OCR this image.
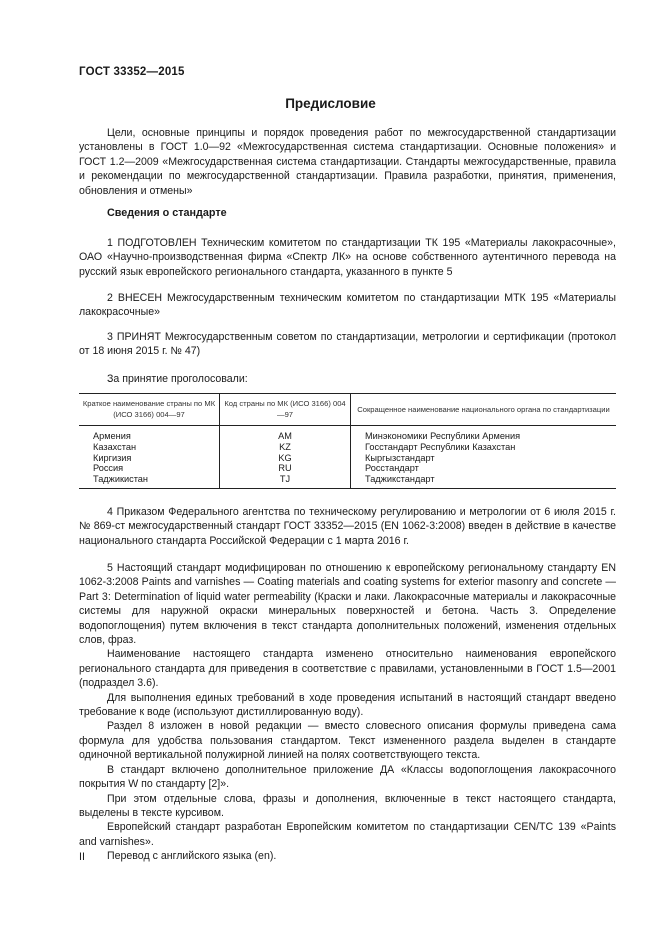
ГОСТ 33352—2015
Предисловие

Цели, основные принципы и порядок проведения работ по межгосударственной стандартизации установлены в ГОСТ 1.0—92 «Межгосударственная система стандартизации. Основные положения» и ГОСТ 1.2—2009 «Межгосударственная система стандартизации. Стандарты межгосударственные, правила и рекомендации по межгосударственной стандартизации. Правила разработки, принятия, применения, обновления и отмены»

Сведения о стандарте

1 ПОДГОТОВЛЕН Техническим комитетом по стандартизации ТК 195 «Материалы лакокрасочные», ОАО «Научно-производственная фирма «Спектр ЛК» на основе собственного аутентичного перевода на русский язык европейского регионального стандарта, указанного в пункте 5

2 ВНЕСЕН Межгосударственным техническим комитетом по стандартизации МТК 195 «Материалы лакокрасочные»

3 ПРИНЯТ Межгосударственным советом по стандартизации, метрологии и сертификации (протокол от 18 июня 2015 г. № 47)

За принятие проголосовали:
Краткое наименование страны по МК (ИСО 3166) 004—97	Код страны по МК (ИСО 3166) 004—97	Сокращенное наименование национального органа по стандартизации
Армения	AM	Минэкономики Республики Армения
Казахстан	KZ	Госстандарт Республики Казахстан
Киргизия	KG	Кыргызстандарт
Россия	RU	Росстандарт
Таджикистан	TJ	Таджикстандарт

4 Приказом Федерального агентства по техническому регулированию и метрологии от 6 июля 2015 г. № 869-ст межгосударственный стандарт ГОСТ 33352—2015 (EN 1062-3:2008) введен в действие в качестве национального стандарта Российской Федерации с 1 марта 2016 г.

5 Настоящий стандарт модифицирован по отношению к европейскому региональному стандарту EN 1062-3:2008 Paints and varnishes — Coating materials and coating systems for exterior masonry and concrete — Part 3: Determination of liquid water permeability (Краски и лаки. Лакокрасочные материалы и лакокрасочные системы для наружной окраски минеральных поверхностей и бетона. Часть 3. Определение водопоглощения) путем включения в текст стандарта дополнительных положений, изменения отдельных слов, фраз.

Наименование настоящего стандарта изменено относительно наименования европейского регионального стандарта для приведения в соответствие с правилами, установленными в ГОСТ 1.5—2001 (подраздел 3.6).

Для выполнения единых требований в ходе проведения испытаний в настоящий стандарт введено требование к воде (используют дистиллированную воду).

Раздел 8 изложен в новой редакции — вместо словесного описания формулы приведена сама формула для удобства пользования стандартом. Текст измененного раздела выделен в стандарте одиночной вертикальной полужирной линией на полях соответствующего текста.

В стандарт включено дополнительное приложение ДА «Классы водопоглощения лакокрасочного покрытия W по стандарту [2]».

При этом отдельные слова, фразы и дополнения, включенные в текст настоящего стандарта, выделены в тексте курсивом.

Европейский стандарт разработан Европейским комитетом по стандартизации CEN/TC 139 «Paints and varnishes».

Перевод с английского языка (en).

II
